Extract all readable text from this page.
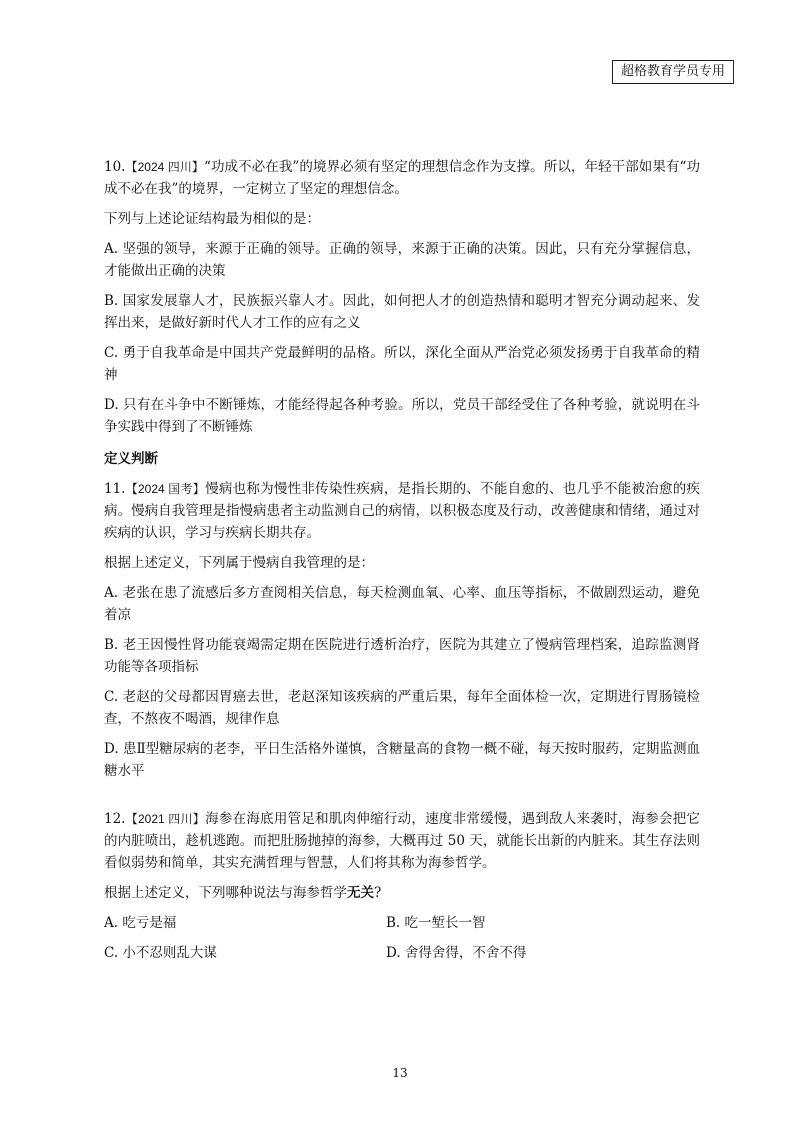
超格教育学员专用

10.【2024 四川】“功成不必在我”的境界必须有坚定的理想信念作为支撑。所以，年轻干部如果有“功成不必在我”的境界，一定树立了坚定的理想信念。

下列与上述论证结构最为相似的是：

A. 坚强的领导，来源于正确的领导。正确的领导，来源于正确的决策。因此，只有充分掌握信息，才能做出正确的决策

B. 国家发展靠人才，民族振兴靠人才。因此，如何把人才的创造热情和聪明才智充分调动起来、发挥出来，是做好新时代人才工作的应有之义

C. 勇于自我革命是中国共产党最鲜明的品格。所以，深化全面从严治党必须发扬勇于自我革命的精神

D. 只有在斗争中不断锤炼，才能经得起各种考验。所以，党员干部经受住了各种考验，就说明在斗争实践中得到了不断锤炼

定义判断

11.【2024 国考】慢病也称为慢性非传染性疾病，是指长期的、不能自愈的、也几乎不能被治愈的疾病。慢病自我管理是指慢病患者主动监测自己的病情，以积极态度及行动，改善健康和情绪，通过对疾病的认识，学习与疾病长期共存。

根据上述定义，下列属于慢病自我管理的是：

A. 老张在患了流感后多方查阅相关信息，每天检测血氧、心率、血压等指标，不做剧烈运动，避免着凉

B. 老王因慢性肾功能衰竭需定期在医院进行透析治疗，医院为其建立了慢病管理档案，追踪监测肾功能等各项指标

C. 老赵的父母都因胃癌去世，老赵深知该疾病的严重后果，每年全面体检一次，定期进行胃肠镜检查，不熬夜不喝酒，规律作息

D. 患Ⅱ型糖尿病的老李，平日生活格外谨慎，含糖量高的食物一概不碰，每天按时服药，定期监测血糖水平

12.【2021 四川】海参在海底用管足和肌肉伸缩行动，速度非常缓慢，遇到敌人来袭时，海参会把它的内脏喷出，趁机逃跑。而把肚肠抛掉的海参，大概再过 50 天，就能长出新的内脏来。其生存法则看似弱势和简单，其实充满哲理与智慧，人们将其称为海参哲学。

根据上述定义，下列哪种说法与海参哲学无关?

A. 吃亏是福	B. 吃一堑长一智

C. 小不忍则乱大谋	D. 舍得舍得，不舍不得

13
